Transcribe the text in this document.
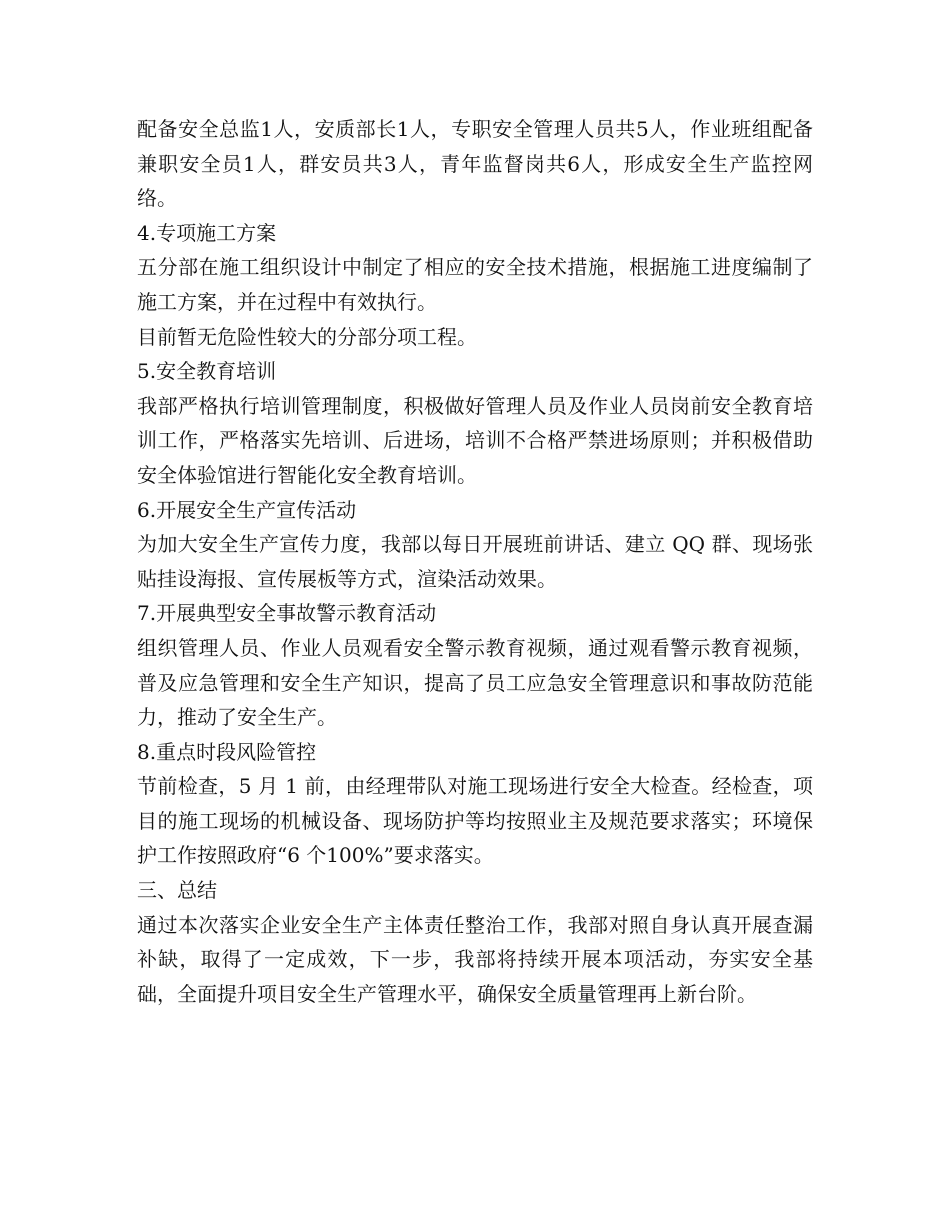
配备安全总监1人，安质部长1人，专职安全管理人员共5人，作业班组配备兼职安全员1人，群安员共3人，青年监督岗共6人，形成安全生产监控网络。

4.专项施工方案

五分部在施工组织设计中制定了相应的安全技术措施，根据施工进度编制了施工方案，并在过程中有效执行。

目前暂无危险性较大的分部分项工程。

5.安全教育培训

我部严格执行培训管理制度，积极做好管理人员及作业人员岗前安全教育培训工作，严格落实先培训、后进场，培训不合格严禁进场原则；并积极借助安全体验馆进行智能化安全教育培训。

6.开展安全生产宣传活动

为加大安全生产宣传力度，我部以每日开展班前讲话、建立 QQ 群、现场张贴挂设海报、宣传展板等方式，渲染活动效果。

7.开展典型安全事故警示教育活动

组织管理人员、作业人员观看安全警示教育视频，通过观看警示教育视频，普及应急管理和安全生产知识，提高了员工应急安全管理意识和事故防范能力，推动了安全生产。

8.重点时段风险管控

节前检查，5 月 1 前，由经理带队对施工现场进行安全大检查。经检查，项目的施工现场的机械设备、现场防护等均按照业主及规范要求落实；环境保护工作按照政府“6 个100%”要求落实。

三、总结

通过本次落实企业安全生产主体责任整治工作，我部对照自身认真开展查漏补缺，取得了一定成效，下一步，我部将持续开展本项活动，夯实安全基础，全面提升项目安全生产管理水平，确保安全质量管理再上新台阶。
